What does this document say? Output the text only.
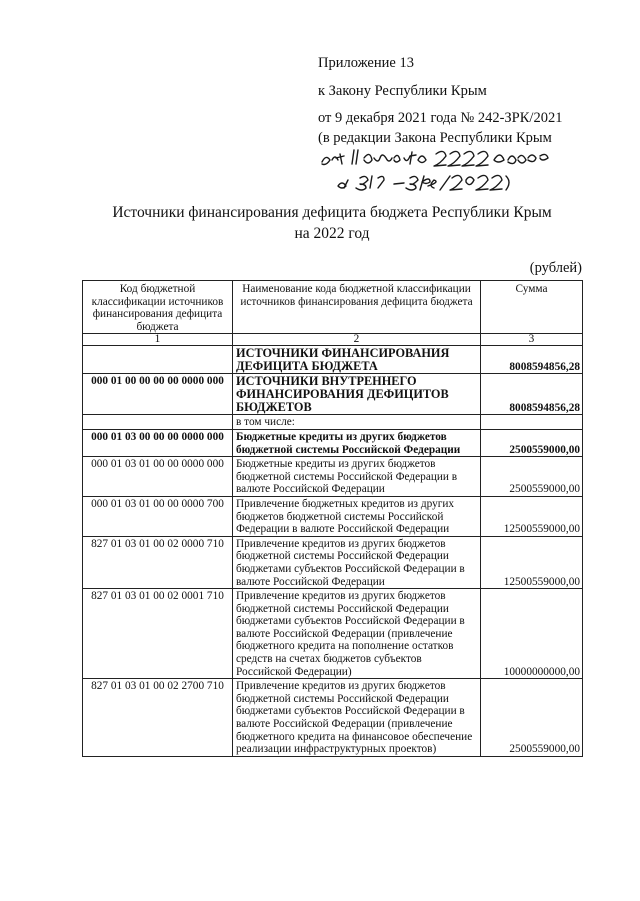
Приложение 13
к Закону Республики Крым
от 9 декабря 2021 года № 242-ЗРК/2021
(в редакции Закона Республики Крым
Источники финансирования дефицита бюджета Республики Крым
на 2022 год
(рублей)
Код бюджетной классификации источников финансирования дефицита бюджета	Наименование кода бюджетной классификации источников финансирования дефицита бюджета	Сумма
1	2	3
	ИСТОЧНИКИ ФИНАНСИРОВАНИЯ ДЕФИЦИТА БЮДЖЕТА	8008594856,28
000 01 00 00 00 00 0000 000	ИСТОЧНИКИ ВНУТРЕННЕГО ФИНАНСИРОВАНИЯ ДЕФИЦИТОВ БЮДЖЕТОВ	8008594856,28
	в том числе:	
000 01 03 00 00 00 0000 000	Бюджетные кредиты из других бюджетов бюджетной системы Российской Федерации	2500559000,00
000 01 03 01 00 00 0000 000	Бюджетные кредиты из других бюджетов бюджетной системы Российской Федерации в валюте Российской Федерации	2500559000,00
000 01 03 01 00 00 0000 700	Привлечение бюджетных кредитов из других бюджетов бюджетной системы Российской Федерации в валюте Российской Федерации	12500559000,00
827 01 03 01 00 02 0000 710	Привлечение кредитов из других бюджетов бюджетной системы Российской Федерации бюджетами субъектов Российской Федерации в валюте Российской Федерации	12500559000,00
827 01 03 01 00 02 0001 710	Привлечение кредитов из других бюджетов бюджетной системы Российской Федерации бюджетами субъектов Российской Федерации в валюте Российской Федерации (привлечение бюджетного кредита на пополнение остатков средств на счетах бюджетов субъектов Российской Федерации)	10000000000,00
827 01 03 01 00 02 2700 710	Привлечение кредитов из других бюджетов бюджетной системы Российской Федерации бюджетами субъектов Российской Федерации в валюте Российской Федерации (привлечение бюджетного кредита на финансовое обеспечение реализации инфраструктурных проектов)	2500559000,00
